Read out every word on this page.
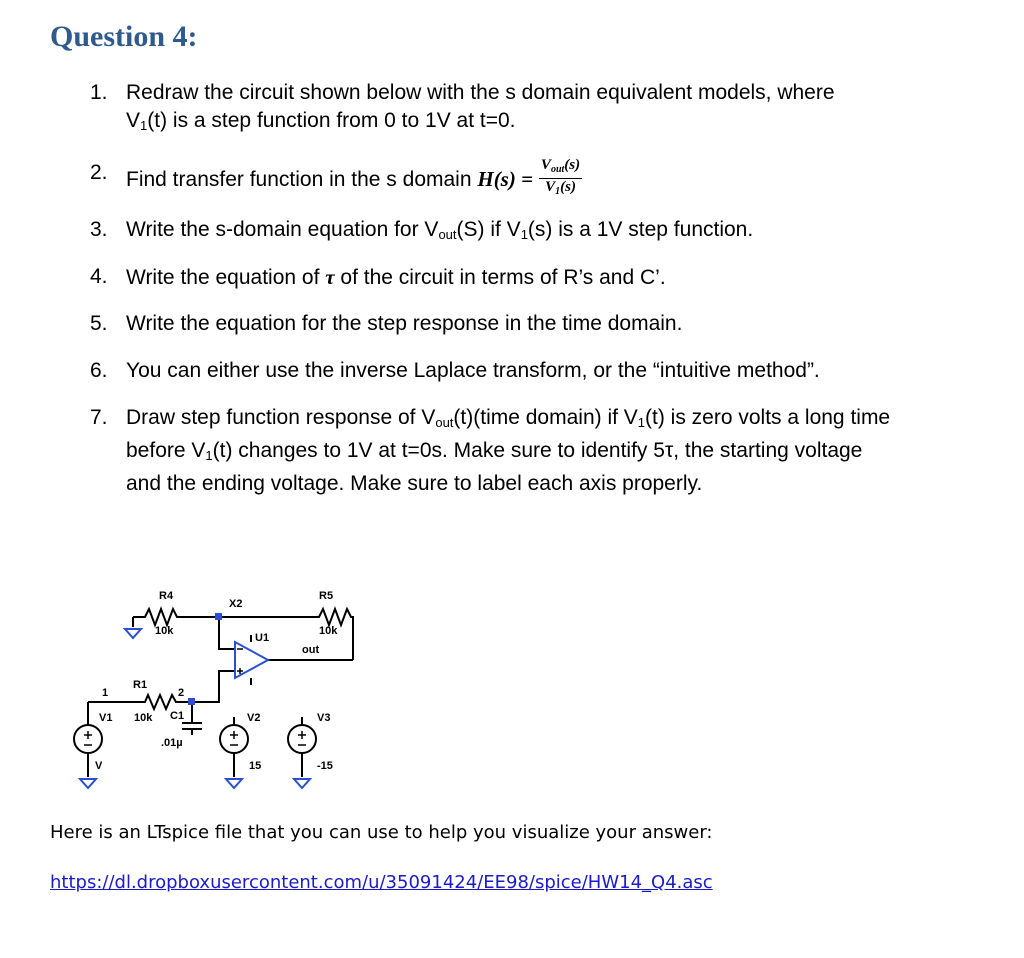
Question 4:
1. Redraw the circuit shown below with the s domain equivalent models, where
$V_1(t)$ is a step function from 0 to 1V at t=0.
2. Find transfer function in the s domain $H(s) = \frac{V_{out}(s)}{V_1(s)}$
3. Write the s-domain equation for $V_{out}(S)$ if $V_1(s)$ is a 1V step function.
4. Write the equation of τ of the circuit in terms of R’s and C’.
5. Write the equation for the step response in the time domain.
6. You can either use the inverse Laplace transform, or the “intuitive method”.
7. Draw step function response of $V_{out}(t)(time$ domain) if $V_1(t)$ is zero volts a long time
before $V_1(t)$ changes to 1V at t=0s. Make sure to identify 5τ, the starting voltage
and the ending voltage. Make sure to label each axis properly.
R4
10k
X2
R5
10k
U1
out
R1
1	2
V1 10k C1
.01µ
V
V2
15
V3
-15
Here is an LTspice file that you can use to help you visualize your answer:
https://dl.dropboxusercontent.com/u/35091424/EE98/spice/HW14_Q4.asc
